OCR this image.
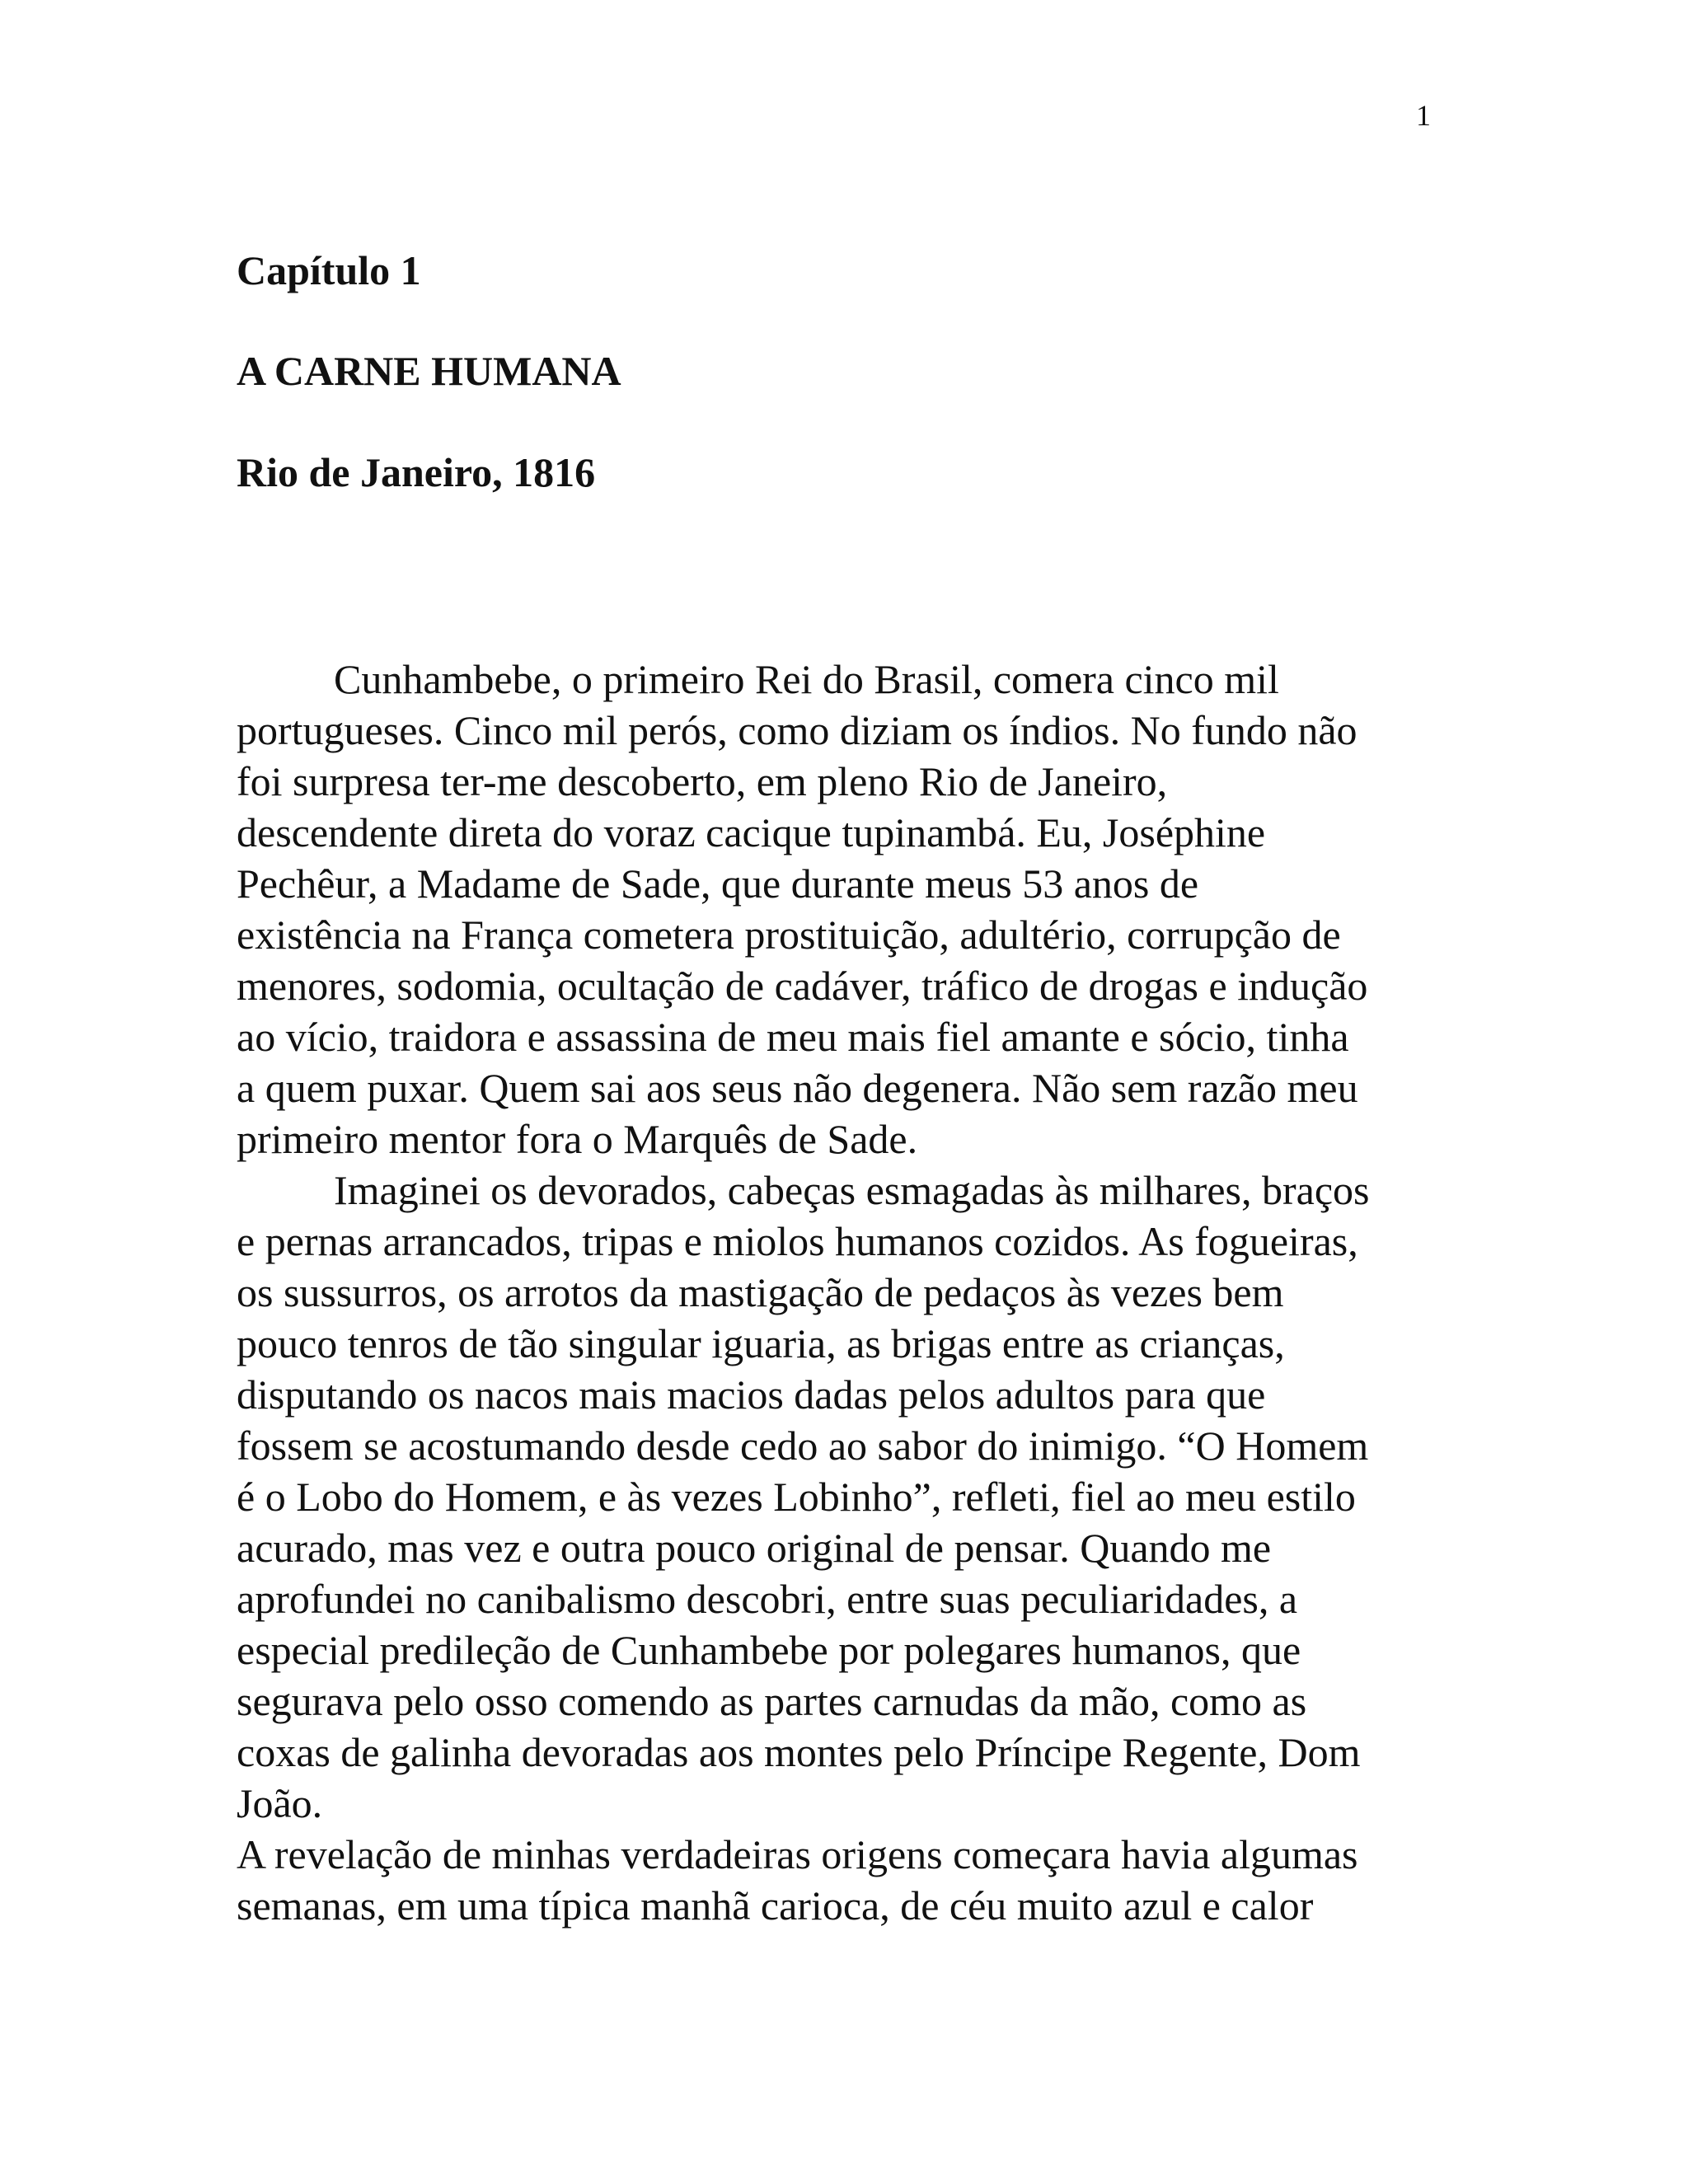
1
Capítulo 1
A CARNE HUMANA
Rio de Janeiro, 1816
Cunhambebe, o primeiro Rei do Brasil, comera cinco mil
portugueses. Cinco mil perós, como diziam os índios. No fundo não
foi surpresa ter-me descoberto, em pleno Rio de Janeiro,
descendente direta do voraz cacique tupinambá. Eu, Joséphine
Pechêur, a Madame de Sade, que durante meus 53 anos de
existência na França cometera prostituição, adultério, corrupção de
menores, sodomia, ocultação de cadáver, tráfico de drogas e indução
ao vício, traidora e assassina de meu mais fiel amante e sócio, tinha
a quem puxar. Quem sai aos seus não degenera. Não sem razão meu
primeiro mentor fora o Marquês de Sade.
Imaginei os devorados, cabeças esmagadas às milhares, braços
e pernas arrancados, tripas e miolos humanos cozidos. As fogueiras,
os sussurros, os arrotos da mastigação de pedaços às vezes bem
pouco tenros de tão singular iguaria, as brigas entre as crianças,
disputando os nacos mais macios dadas pelos adultos para que
fossem se acostumando desde cedo ao sabor do inimigo. “O Homem
é o Lobo do Homem, e às vezes Lobinho”, refleti, fiel ao meu estilo
acurado, mas vez e outra pouco original de pensar. Quando me
aprofundei no canibalismo descobri, entre suas peculiaridades, a
especial predileção de Cunhambebe por polegares humanos, que
segurava pelo osso comendo as partes carnudas da mão, como as
coxas de galinha devoradas aos montes pelo Príncipe Regente, Dom
João.
A revelação de minhas verdadeiras origens começara havia algumas
semanas, em uma típica manhã carioca, de céu muito azul e calor
